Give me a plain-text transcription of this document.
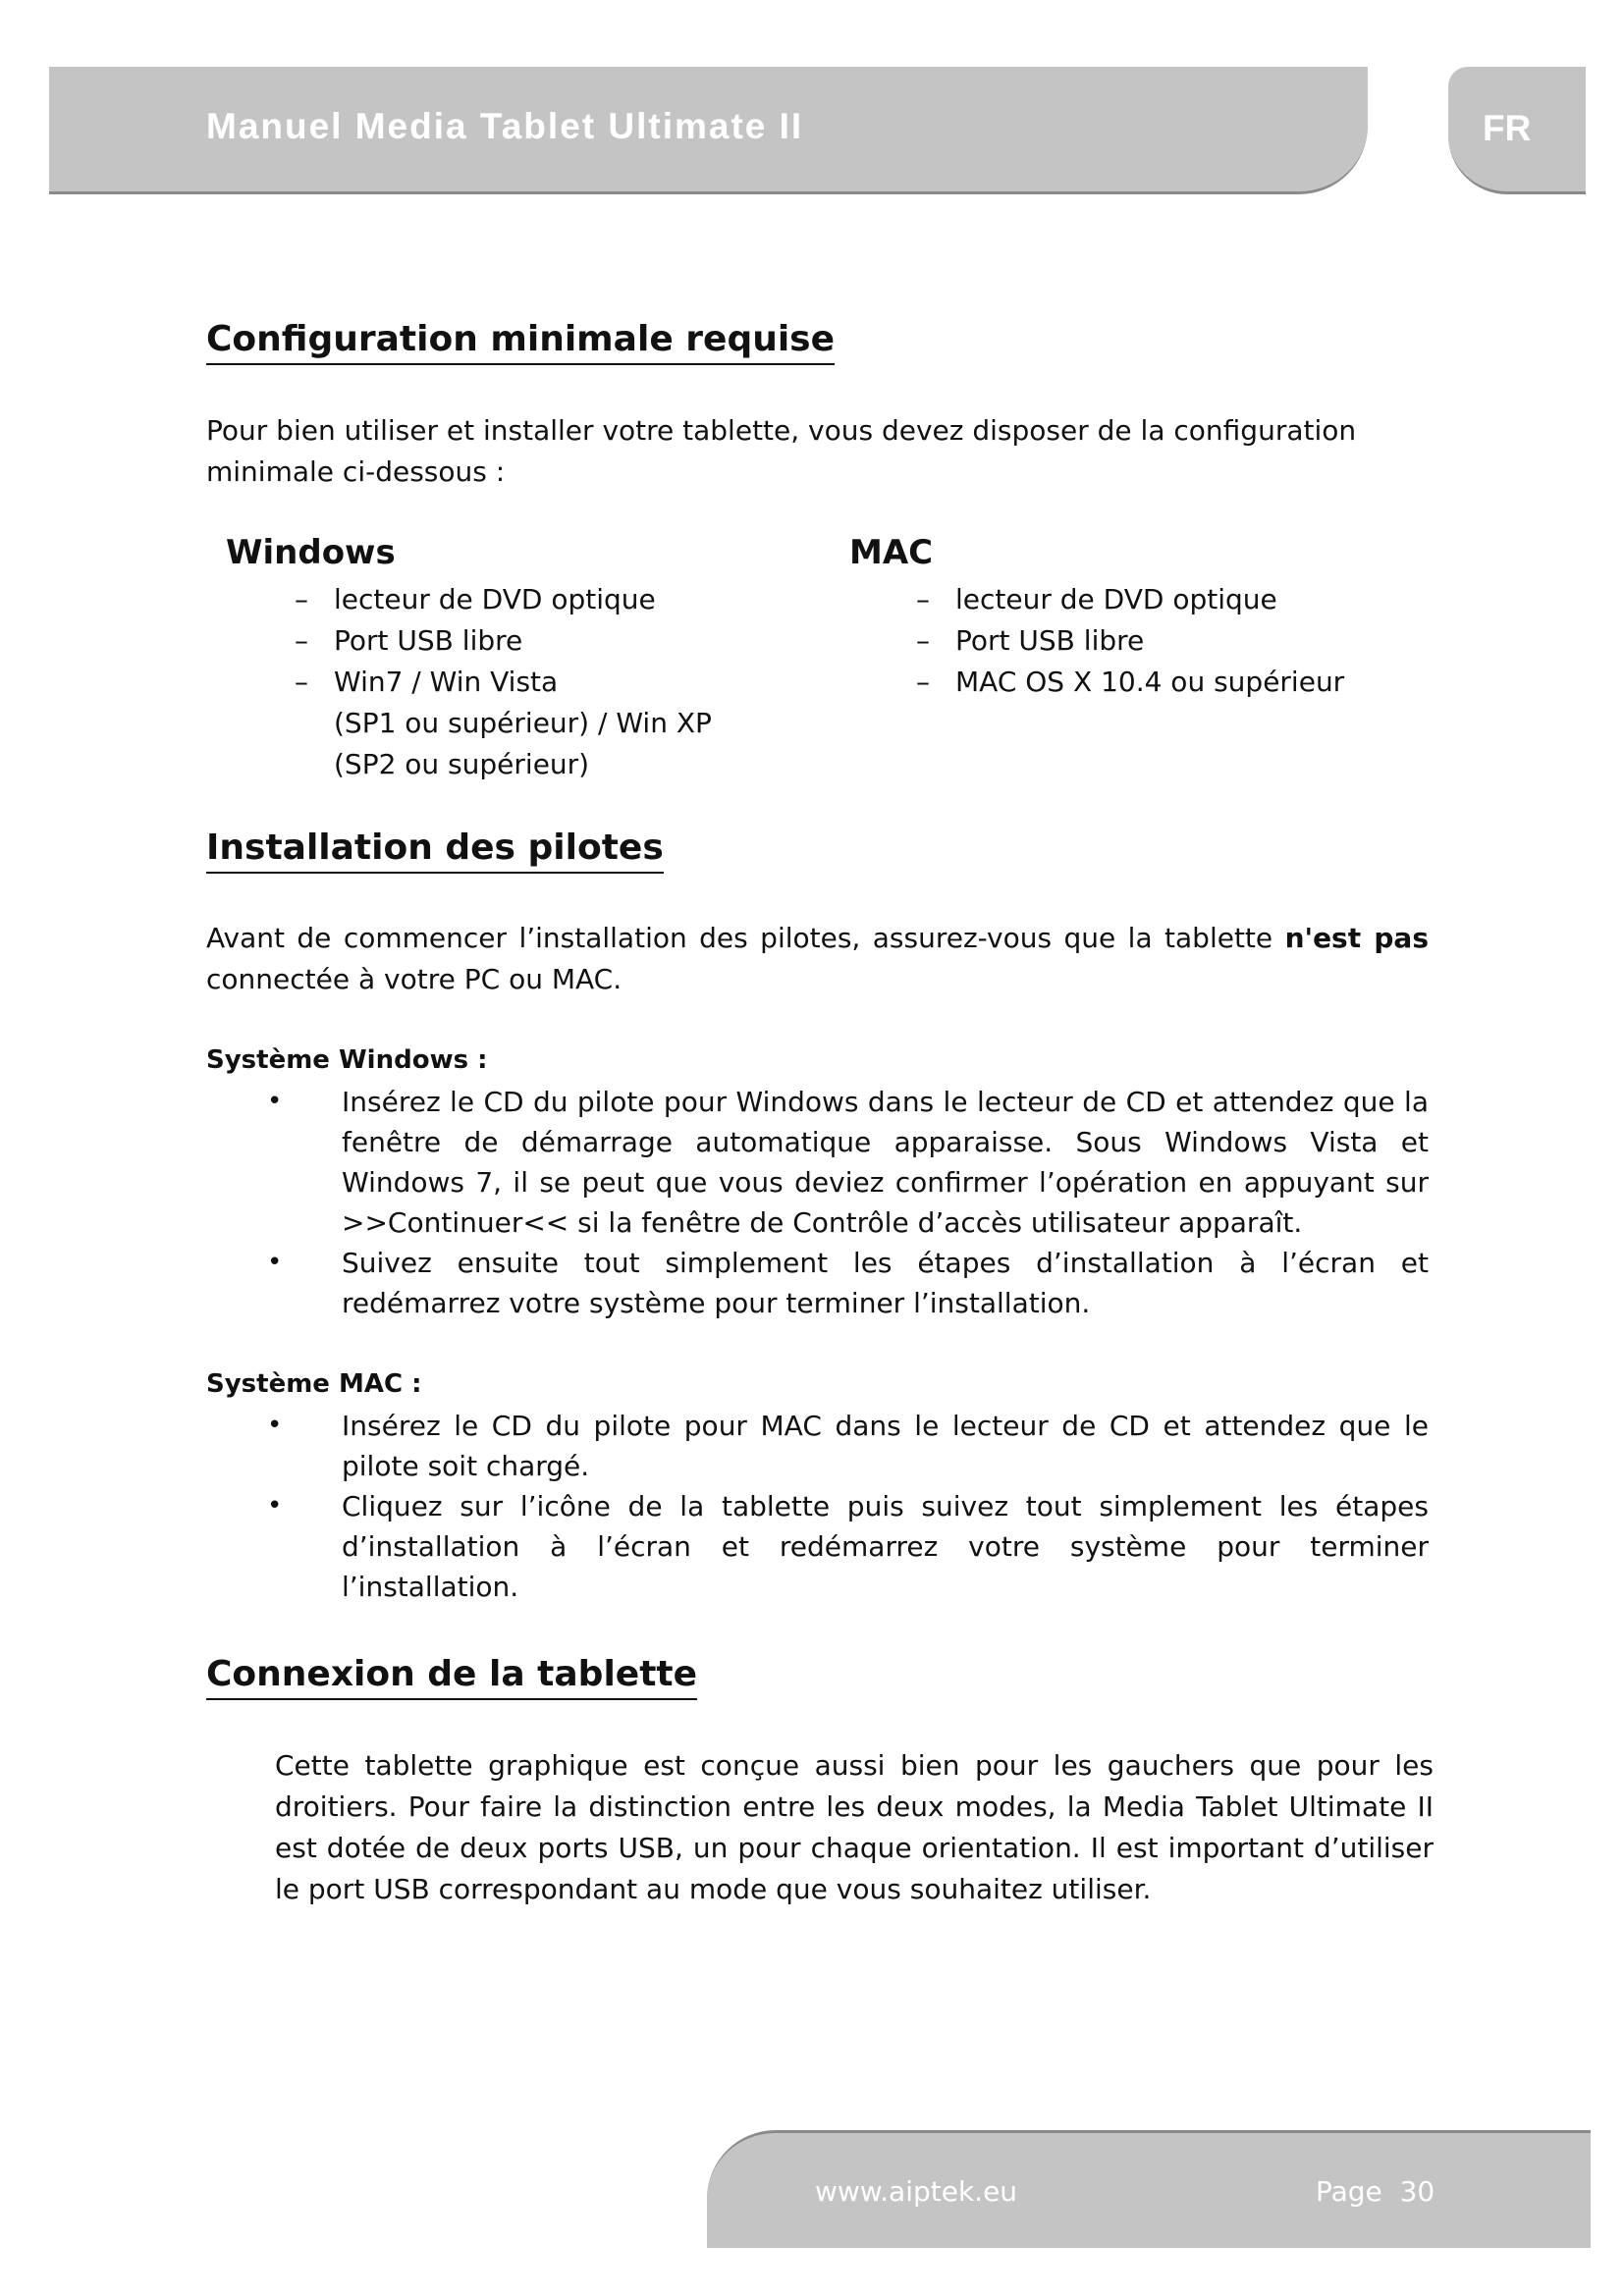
Manuel Media Tablet Ultimate II	FR
Configuration minimale requise
Pour bien utiliser et installer votre tablette, vous devez disposer de la configuration minimale ci-dessous :
Windows
– lecteur de DVD optique
– Port USB libre
– Win7 / Win Vista
(SP1 ou supérieur) / Win XP
(SP2 ou supérieur)
MAC
– lecteur de DVD optique
– Port USB libre
– MAC OS X 10.4 ou supérieur
Installation des pilotes
Avant de commencer l’installation des pilotes, assurez-vous que la tablette n'est pas connectée à votre PC ou MAC.
Système Windows :
• Insérez le CD du pilote pour Windows dans le lecteur de CD et attendez que la fenêtre de démarrage automatique apparaisse. Sous Windows Vista et Windows 7, il se peut que vous deviez confirmer l’opération en appuyant sur >>Continuer<< si la fenêtre de Contrôle d’accès utilisateur apparaît.
• Suivez ensuite tout simplement les étapes d’installation à l’écran et redémarrez votre système pour terminer l’installation.
Système MAC :
• Insérez le CD du pilote pour MAC dans le lecteur de CD et attendez que le pilote soit chargé.
• Cliquez sur l’icône de la tablette puis suivez tout simplement les étapes d’installation à l’écran et redémarrez votre système pour terminer l’installation.
Connexion de la tablette
Cette tablette graphique est conçue aussi bien pour les gauchers que pour les droitiers. Pour faire la distinction entre les deux modes, la Media Tablet Ultimate II est dotée de deux ports USB, un pour chaque orientation. Il est important d’utiliser le port USB correspondant au mode que vous souhaitez utiliser.
www.aiptek.eu	Page 30
